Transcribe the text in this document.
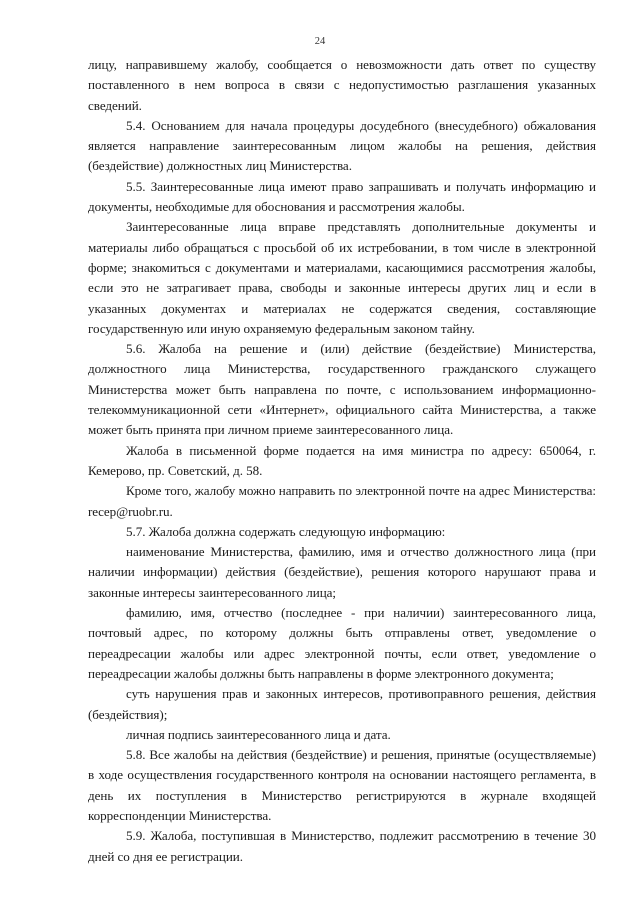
24

лицу, направившему жалобу, сообщается о невозможности дать ответ по существу поставленного в нем вопроса в связи с недопустимостью разглашения указанных сведений.

5.4. Основанием для начала процедуры досудебного (внесудебного) обжалования является направление заинтересованным лицом жалобы на решения, действия (бездействие) должностных лиц Министерства.

5.5. Заинтересованные лица имеют право запрашивать и получать информацию и документы, необходимые для обоснования и рассмотрения жалобы.

Заинтересованные лица вправе представлять дополнительные документы и материалы либо обращаться с просьбой об их истребовании, в том числе в электронной форме; знакомиться с документами и материалами, касающимися рассмотрения жалобы, если это не затрагивает права, свободы и законные интересы других лиц и если в указанных документах и материалах не содержатся сведения, составляющие государственную или иную охраняемую федеральным законом тайну.

5.6. Жалоба на решение и (или) действие (бездействие) Министерства, должностного лица Министерства, государственного гражданского служащего Министерства может быть направлена по почте, с использованием информационно-телекоммуникационной сети «Интернет», официального сайта Министерства, а также может быть принята при личном приеме заинтересованного лица.

Жалоба в письменной форме подается на имя министра по адресу: 650064, г. Кемерово, пр. Советский, д. 58.

Кроме того, жалобу можно направить по электронной почте на адрес Министерства: recep@ruobr.ru.

5.7. Жалоба должна содержать следующую информацию:

наименование Министерства, фамилию, имя и отчество должностного лица (при наличии информации) действия (бездействие), решения которого нарушают права и законные интересы заинтересованного лица;

фамилию, имя, отчество (последнее - при наличии) заинтересованного лица, почтовый адрес, по которому должны быть отправлены ответ, уведомление о переадресации жалобы или адрес электронной почты, если ответ, уведомление о переадресации жалобы должны быть направлены в форме электронного документа;

суть нарушения прав и законных интересов, противоправного решения, действия (бездействия);

личная подпись заинтересованного лица и дата.

5.8. Все жалобы на действия (бездействие) и решения, принятые (осуществляемые) в ходе осуществления государственного контроля на основании настоящего регламента, в день их поступления в Министерство регистрируются в журнале входящей корреспонденции Министерства.

5.9. Жалоба, поступившая в Министерство, подлежит рассмотрению в течение 30 дней со дня ее регистрации.
